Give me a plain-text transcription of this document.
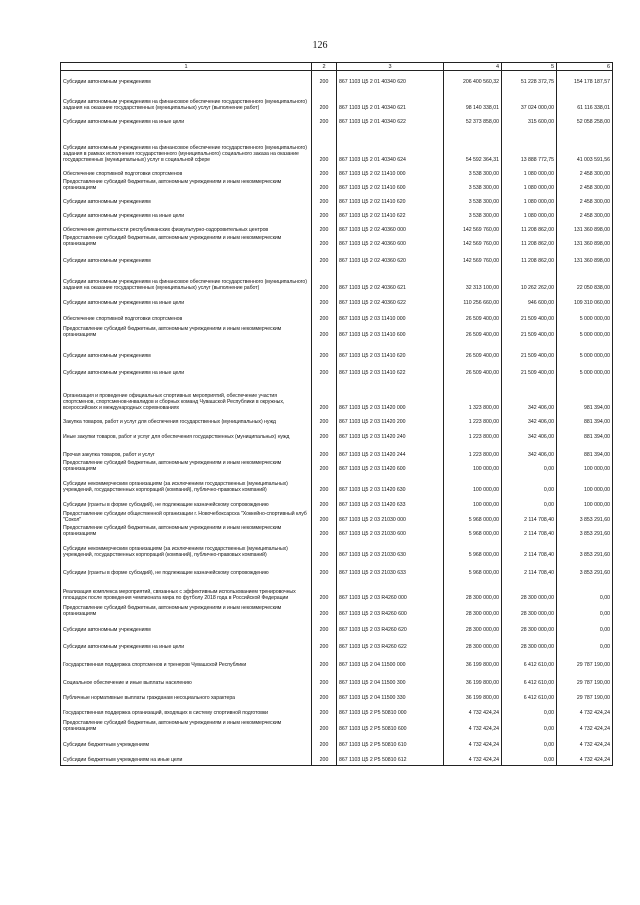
126
1	2	3	4	5	6
Субсидии автономным учреждениям	200	867 1103 Ц5 2 01 40340 620	206 400 560,32	51 228 372,75	154 178 187,57
Субсидии автономным учреждениям на финансовое обеспечение государственного (муниципального) задания на оказание государственных (муниципальных) услуг (выполнение работ)	200	867 1103 Ц5 2 01 40340 621	98 140 338,01	37 024 000,00	61 116 338,01
Субсидии автономным учреждениям на иные цели	200	867 1103 Ц5 2 01 40340 622	52 373 858,00	315 600,00	52 058 258,00
Субсидии автономным учреждениям на финансовое обеспечение государственного (муниципального) задания в рамках исполнения государственного (муниципального) социального заказа на оказание государственных (муниципальных) услуг в социальной сфере	200	867 1103 Ц5 2 01 40340 624	54 592 364,31	13 888 772,75	41 003 591,56
Обеспечение спортивной подготовки спортсменов	200	867 1103 Ц5 2 02 11410 000	3 538 300,00	1 080 000,00	2 458 300,00
Предоставление субсидий бюджетным, автономным учреждениям и иным некоммерческим организациям	200	867 1103 Ц5 2 02 11410 600	3 538 300,00	1 080 000,00	2 458 300,00
Субсидии автономным учреждениям	200	867 1103 Ц5 2 02 11410 620	3 538 300,00	1 080 000,00	2 458 300,00
Субсидии автономным учреждениям на иные цели	200	867 1103 Ц5 2 02 11410 622	3 538 300,00	1 080 000,00	2 458 300,00
Обеспечение деятельности республиканских физкультурно-оздоровительных центров	200	867 1103 Ц5 2 02 40360 000	142 569 760,00	11 208 862,00	131 360 898,00
Предоставление субсидий бюджетным, автономным учреждениям и иным некоммерческим организациям	200	867 1103 Ц5 2 02 40360 600	142 569 760,00	11 208 862,00	131 360 898,00
Субсидии автономным учреждениям	200	867 1103 Ц5 2 02 40360 620	142 569 760,00	11 208 862,00	131 360 898,00
Субсидии автономным учреждениям на финансовое обеспечение государственного (муниципального) задания на оказание государственных (муниципальных) услуг (выполнение работ)	200	867 1103 Ц5 2 02 40360 621	32 313 100,00	10 262 262,00	22 050 838,00
Субсидии автономным учреждениям на иные цели	200	867 1103 Ц5 2 02 40360 622	110 256 660,00	946 600,00	109 310 060,00
Обеспечение спортивной подготовки спортсменов	200	867 1103 Ц5 2 03 11410 000	26 509 400,00	21 509 400,00	5 000 000,00
Предоставление субсидий бюджетным, автономным учреждениям и иным некоммерческим организациям	200	867 1103 Ц5 2 03 11410 600	26 509 400,00	21 509 400,00	5 000 000,00
Субсидии автономным учреждениям	200	867 1103 Ц5 2 03 11410 620	26 509 400,00	21 509 400,00	5 000 000,00
Субсидии автономным учреждениям на иные цели	200	867 1103 Ц5 2 03 11410 622	26 509 400,00	21 509 400,00	5 000 000,00
Организация и проведение официальных спортивных мероприятий, обеспечение участия спортсменов, спортсменов-инвалидов и сборных команд Чувашской Республики в окружных, всероссийских и международных соревнованиях	200	867 1103 Ц5 2 03 11420 000	1 323 800,00	342 406,00	981 394,00
Закупка товаров, работ и услуг для обеспечения государственных (муниципальных) нужд	200	867 1103 Ц5 2 03 11420 200	1 223 800,00	342 406,00	881 394,00
Иные закупки товаров, работ и услуг для обеспечения государственных (муниципальных) нужд	200	867 1103 Ц5 2 03 11420 240	1 223 800,00	342 406,00	881 394,00
Прочая закупка товаров, работ и услуг	200	867 1103 Ц5 2 03 11420 244	1 223 800,00	342 406,00	881 394,00
Предоставление субсидий бюджетным, автономным учреждениям и иным некоммерческим организациям	200	867 1103 Ц5 2 03 11420 600	100 000,00	0,00	100 000,00
Субсидии некоммерческим организациям (за исключением государственных (муниципальных) учреждений, государственных корпораций (компаний), публично-правовых компаний)	200	867 1103 Ц5 2 03 11420 630	100 000,00	0,00	100 000,00
Субсидии (гранты в форме субсидий), не подлежащие казначейскому сопровождению	200	867 1103 Ц5 2 03 11420 633	100 000,00	0,00	100 000,00
Предоставление субсидии общественной организации г. Новочебоксарска "Хоккейно-спортивный клуб "Сокол"	200	867 1103 Ц5 2 03 21030 000	5 968 000,00	2 114 708,40	3 853 291,60
Предоставление субсидий бюджетным, автономным учреждениям и иным некоммерческим организациям	200	867 1103 Ц5 2 03 21030 600	5 968 000,00	2 114 708,40	3 853 291,60
Субсидии некоммерческим организациям (за исключением государственных (муниципальных) учреждений, государственных корпораций (компаний), публично-правовых компаний)	200	867 1103 Ц5 2 03 21030 630	5 968 000,00	2 114 708,40	3 853 291,60
Субсидии (гранты в форме субсидий), не подлежащие казначейскому сопровождению	200	867 1103 Ц5 2 03 21030 633	5 968 000,00	2 114 708,40	3 853 291,60
Реализация комплекса мероприятий, связанных с эффективным использованием тренировочных площадок после проведения чемпионата мира по футболу 2018 года в Российской Федерации	200	867 1103 Ц5 2 03 R4260 000	28 300 000,00	28 300 000,00	0,00
Предоставление субсидий бюджетным, автономным учреждениям и иным некоммерческим организациям	200	867 1103 Ц5 2 03 R4260 600	28 300 000,00	28 300 000,00	0,00
Субсидии автономным учреждениям	200	867 1103 Ц5 2 03 R4260 620	28 300 000,00	28 300 000,00	0,00
Субсидии автономным учреждениям на иные цели	200	867 1103 Ц5 2 03 R4260 622	28 300 000,00	28 300 000,00	0,00
Государственная поддержка спортсменов и тренеров Чувашской Республики	200	867 1103 Ц5 2 04 11500 000	36 199 800,00	6 412 610,00	29 787 190,00
Социальное обеспечение и иные выплаты населению	200	867 1103 Ц5 2 04 11500 300	36 199 800,00	6 412 610,00	29 787 190,00
Публичные нормативные выплаты гражданам несоциального характера	200	867 1103 Ц5 2 04 11500 330	36 199 800,00	6 412 610,00	29 787 190,00
Государственная поддержка организаций, входящих в систему спортивной подготовки	200	867 1103 Ц5 2 P5 50810 000	4 732 424,24	0,00	4 732 424,24
Предоставление субсидий бюджетным, автономным учреждениям и иным некоммерческим организациям	200	867 1103 Ц5 2 P5 50810 600	4 732 424,24	0,00	4 732 424,24
Субсидии бюджетным учреждениям	200	867 1103 Ц5 2 P5 50810 610	4 732 424,24	0,00	4 732 424,24
Субсидии бюджетным учреждениям на иные цели	200	867 1103 Ц5 2 P5 50810 612	4 732 424,24	0,00	4 732 424,24
